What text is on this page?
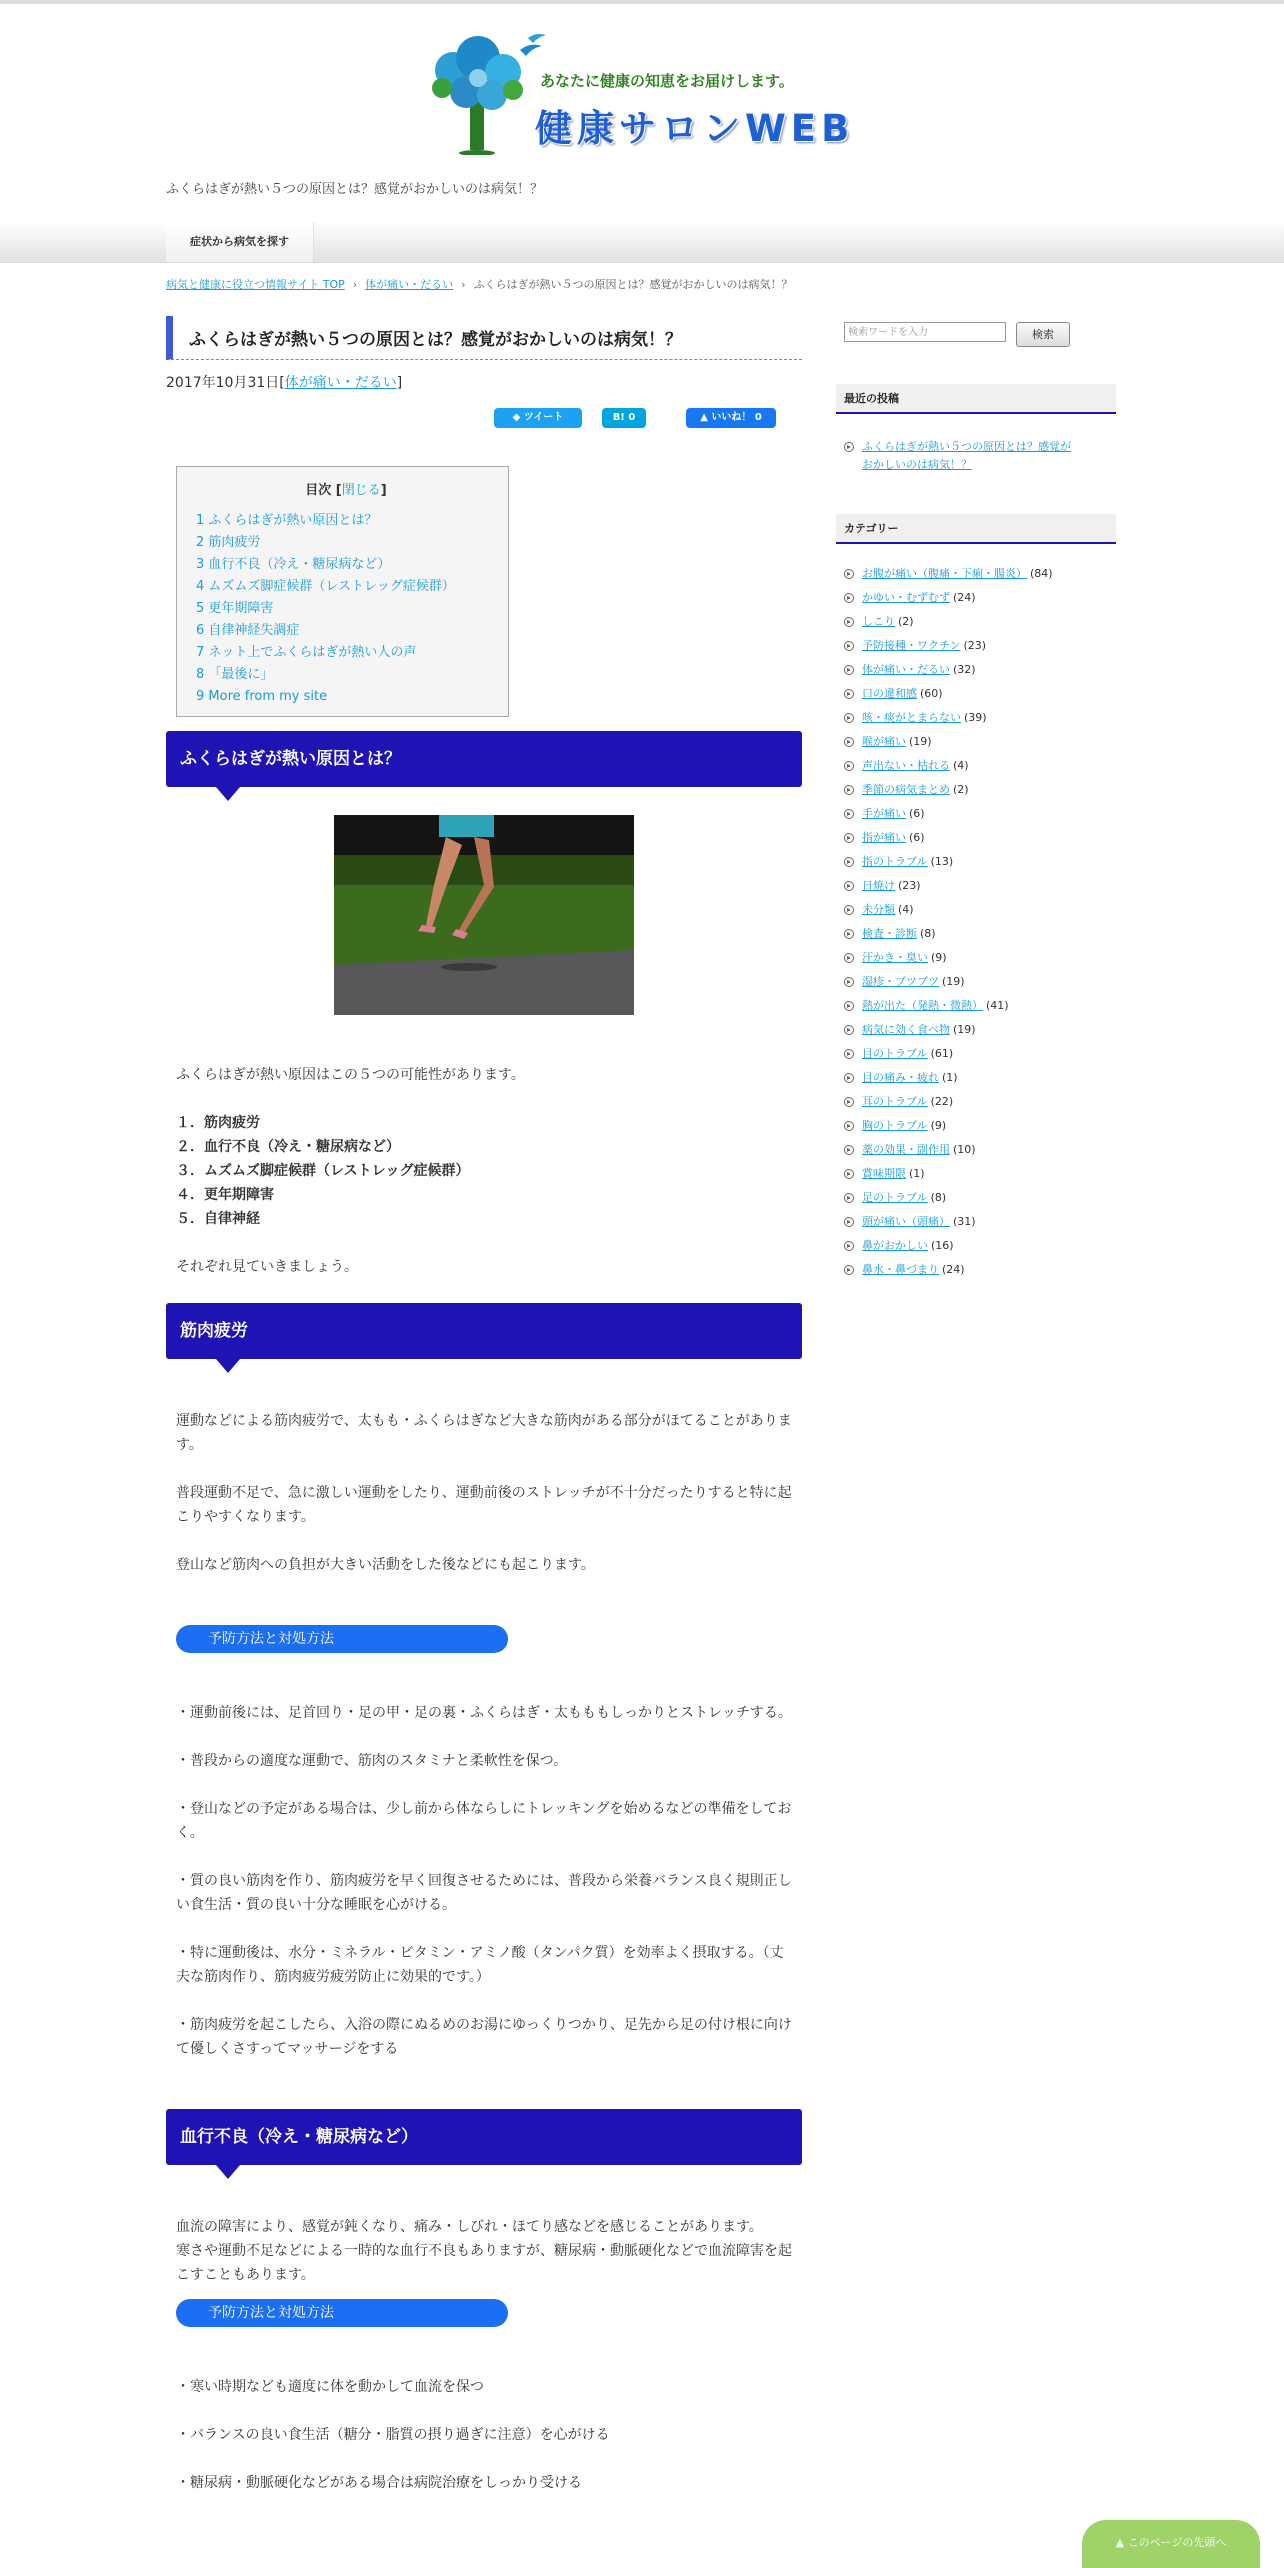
あなたに健康の知恵をお届けします。
健康サロンWEB
ふくらはぎが熱い５つの原因とは？感覚がおかしいのは病気！？
症状から病気を探す
病気と健康に役立つ情報サイト TOP › 体が痛い・だるい › ふくらはぎが熱い５つの原因とは？感覚がおかしいのは病気！？
ふくらはぎが熱い５つの原因とは？感覚がおかしいのは病気！？
2017年10月31日[体が痛い・だるい]
◆ ツイート	B! 0	▲ いいね！ 0
目次 [閉じる]
1 ふくらはぎが熱い原因とは？
2 筋肉疲労
3 血行不良（冷え・糖尿病など）
4 ムズムズ脚症候群（レストレッグ症候群）
5 更年期障害
6 自律神経失調症
7 ネット上でふくらはぎが熱い人の声
8 「最後に」
9 More from my site
ふくらはぎが熱い原因とは？

ふくらはぎが熱い原因はこの５つの可能性があります。

１．筋肉疲労

２．血行不良（冷え・糖尿病など）

３．ムズムズ脚症候群（レストレッグ症候群）

４．更年期障害

５．自律神経

それぞれ見ていきましょう。

筋肉疲労

運動などによる筋肉疲労で、太もも・ふくらはぎなど大きな筋肉がある部分がほてることがあります。

普段運動不足で、急に激しい運動をしたり、運動前後のストレッチが不十分だったりすると特に起こりやすくなります。

登山など筋肉への負担が大きい活動をした後などにも起こります。

予防方法と対処方法

・運動前後には、足首回り・足の甲・足の裏・ふくらはぎ・太もももしっかりとストレッチする。

・普段からの適度な運動で、筋肉のスタミナと柔軟性を保つ。

・登山などの予定がある場合は、少し前から体ならしにトレッキングを始めるなどの準備をしておく。

・質の良い筋肉を作り、筋肉疲労を早く回復させるためには、普段から栄養バランス良く規則正しい食生活・質の良い十分な睡眠を心がける。

・特に運動後は、水分・ミネラル・ビタミン・アミノ酸（タンパク質）を効率よく摂取する。（丈夫な筋肉作り、筋肉疲労疲労防止に効果的です。）

・筋肉疲労を起こしたら、入浴の際にぬるめのお湯にゆっくりつかり、足先から足の付け根に向けて優しくさすってマッサージをする

血行不良（冷え・糖尿病など）

血流の障害により、感覚が鈍くなり、痛み・しびれ・ほてり感などを感じることがあります。

寒さや運動不足などによる一時的な血行不良もありますが、糖尿病・動脈硬化などで血流障害を起こすこともあります。

予防方法と対処方法

・寒い時期なども適度に体を動かして血流を保つ

・バランスの良い食生活（糖分・脂質の摂り過ぎに注意）を心がける

・糖尿病・動脈硬化などがある場合は病院治療をしっかり受ける

検索ワードを入力	検索
最近の投稿
ふくらはぎが熱い５つの原因とは？感覚が
おかしいのは病気！？
カテゴリー
お腹が痛い（腹痛・下痢・腸炎） (84)
かゆい・むずむず (24)
しこり (2)
予防接種・ワクチン (23)
体が痛い・だるい (32)
口の違和感 (60)
咳・痰がとまらない (39)
喉が痛い (19)
声出ない・枯れる (4)
季節の病気まとめ (2)
手が痛い (6)
指が痛い (6)
指のトラブル (13)
日焼け (23)
未分類 (4)
検査・診断 (8)
汗かき・臭い (9)
湿疹・ブツブツ (19)
熱が出た（発熱・微熱） (41)
病気に効く食べ物 (19)
目のトラブル (61)
目の痛み・疲れ (1)
耳のトラブル (22)
胸のトラブル (9)
薬の効果・副作用 (10)
賞味期限 (1)
足のトラブル (8)
頭が痛い（頭痛） (31)
鼻がおかしい (16)
鼻水・鼻づまり (24)
▲ このページの先頭へ
